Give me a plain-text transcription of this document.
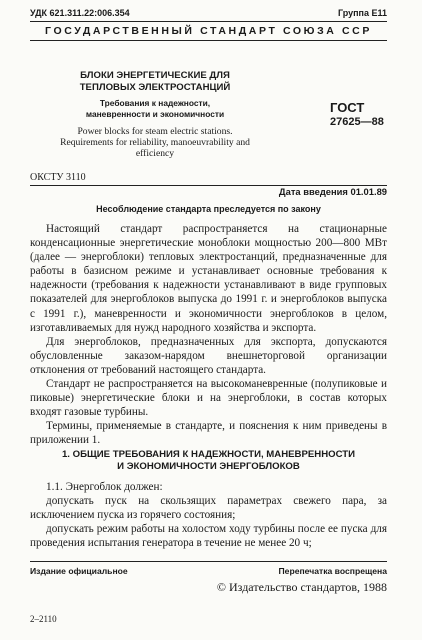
УДК 621.311.22:006.354	Группа Е11
ГОСУДАРСТВЕННЫЙ СТАНДАРТ СОЮЗА ССР
БЛОКИ ЭНЕРГЕТИЧЕСКИЕ ДЛЯ ТЕПЛОВЫХ ЭЛЕКТРОСТАНЦИЙ
Требования к надежности, маневренности и экономичности
Power blocks for steam electric stations. Requirements for reliability, manoeuvrability and efficiency
ОКСТУ 3110
ГОСТ
27625—88
Дата введения 01.01.89
Несоблюдение стандарта преследуется по закону

Настоящий стандарт распространяется на стационарные конденсационные энергетические моноблоки мощностью 200—800 МВт (далее — энергоблоки) тепловых электростанций, предназначенные для работы в базисном режиме и устанавливает основные требования к надежности (требования к надежности устанавливают в виде групповых показателей для энергоблоков выпуска до 1991 г. и энергоблоков выпуска с 1991 г.), маневренности и экономичности энергоблоков в целом, изготавливаемых для нужд народного хозяйства и экспорта.

Для энергоблоков, предназначенных для экспорта, допускаются обусловленные заказом-нарядом внешнеторговой организации отклонения от требований настоящего стандарта.

Стандарт не распространяется на высокоманевренные (полупиковые и пиковые) энергетические блоки и на энергоблоки, в состав которых входят газовые турбины.

Термины, применяемые в стандарте, и пояснения к ним приведены в приложении 1.

1. ОБЩИЕ ТРЕБОВАНИЯ К НАДЕЖНОСТИ, МАНЕВРЕННОСТИ
И ЭКОНОМИЧНОСТИ ЭНЕРГОБЛОКОВ

1.1. Энергоблок должен:

допускать пуск на скользящих параметрах свежего пара, за исключением пуска из горячего состояния;

допускать режим работы на холостом ходу турбины после ее пуска для проведения испытания генератора в течение не менее 20 ч;

Издание официальное	Перепечатка воспрещена
© Издательство стандартов, 1988
2–2110
